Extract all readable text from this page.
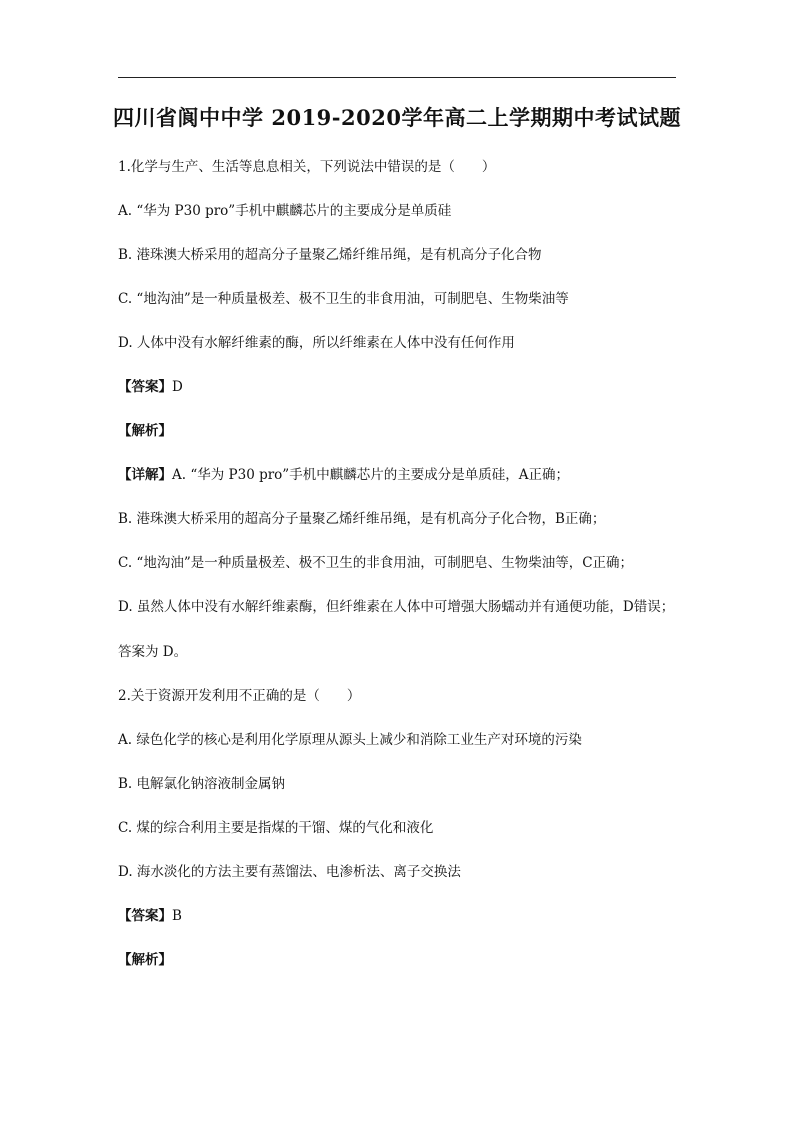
四川省阆中中学 2019-2020学年高二上学期期中考试试题
1.化学与生产、生活等息息相关，下列说法中错误的是（　　）
A. “华为 P30 pro”手机中麒麟芯片的主要成分是单质硅
B. 港珠澳大桥采用的超高分子量聚乙烯纤维吊绳，是有机高分子化合物
C. “地沟油”是一种质量极差、极不卫生的非食用油，可制肥皂、生物柴油等
D. 人体中没有水解纤维素的酶，所以纤维素在人体中没有任何作用
【答案】D
【解析】
【详解】A. “华为 P30 pro”手机中麒麟芯片的主要成分是单质硅，A正确；
B. 港珠澳大桥采用的超高分子量聚乙烯纤维吊绳，是有机高分子化合物，B正确；
C. “地沟油”是一种质量极差、极不卫生的非食用油，可制肥皂、生物柴油等，C正确；
D. 虽然人体中没有水解纤维素酶，但纤维素在人体中可增强大肠蠕动并有通便功能，D错误；
答案为 D。
2.关于资源开发利用不正确的是（　　）
A. 绿色化学的核心是利用化学原理从源头上减少和消除工业生产对环境的污染
B. 电解氯化钠溶液制金属钠
C. 煤的综合利用主要是指煤的干馏、煤的气化和液化
D. 海水淡化的方法主要有蒸馏法、电渗析法、离子交换法
【答案】B
【解析】
